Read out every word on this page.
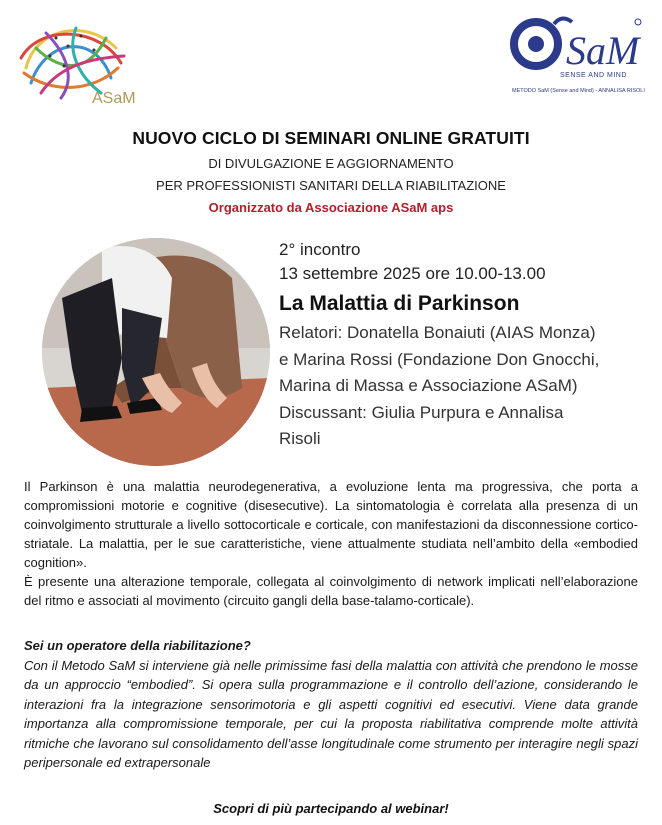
ASaM
SaM
SENSE AND MIND
METODO SaM (Sense and Mind) - ANNALISA RISOLI
NUOVO CICLO DI SEMINARI ONLINE GRATUITI
DI DIVULGAZIONE E AGGIORNAMENTO
PER PROFESSIONISTI SANITARI DELLA RIABILITAZIONE
Organizzato da Associazione ASaM aps
2° incontro
13 settembre 2025 ore 10.00-13.00
La Malattia di Parkinson
Relatori: Donatella Bonaiuti (AIAS Monza)
e Marina Rossi (Fondazione Don Gnocchi,
Marina di Massa e Associazione ASaM)
Discussant: Giulia Purpura e Annalisa
Risoli

Il Parkinson è una malattia neurodegenerativa, a evoluzione lenta ma progressiva, che porta a compromissioni motorie e cognitive (disesecutive). La sintomatologia è correlata alla presenza di un coinvolgimento strutturale a livello sottocorticale e corticale, con manifestazioni da disconnessione cortico- striatale. La malattia, per le sue caratteristiche, viene attualmente studiata nell’ambito della «embodied cognition».

È presente una alterazione temporale, collegata al coinvolgimento di network implicati nell’elaborazione del ritmo e associati al movimento (circuito gangli della base-talamo-corticale).

Sei un operatore della riabilitazione?

Con il Metodo SaM si interviene già nelle primissime fasi della malattia con attività che prendono le mosse da un approccio “embodied”. Si opera sulla programmazione e il controllo dell’azione, considerando le interazioni fra la integrazione sensorimotoria e gli aspetti cognitivi ed esecutivi. Viene data grande importanza alla compromissione temporale, per cui la proposta riabilitativa comprende molte attività ritmiche che lavorano sul consolidamento dell’asse longitudinale come strumento per interagire negli spazi peripersonale ed extrapersonale

Scopri di più partecipando al webinar!
